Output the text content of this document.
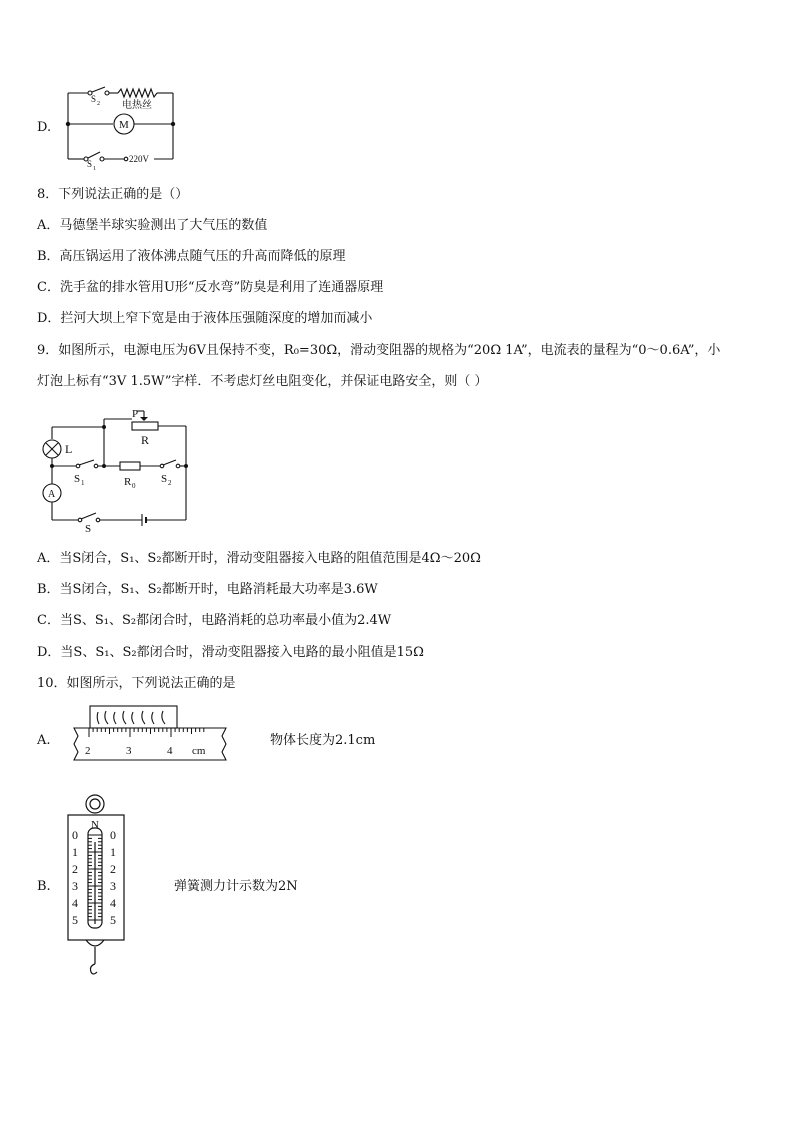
D.
S 2 电热丝
M
S 1
220V
8．下列说法正确的是（）
A．马德堡半球实验测出了大气压的数值
B．高压锅运用了液体沸点随气压的升高而降低的原理
C．洗手盆的排水管用U形“反水弯”防臭是利用了连通器原理
D．拦河大坝上窄下宽是由于液体压强随深度的增加而减小
9．如图所示，电源电压为6V且保持不变，R₀=30Ω，滑动变阻器的规格为“20Ω 1A”，电流表的量程为“0～0.6A”，小
灯泡上标有“3V 1.5W”字样．不考虑灯丝电阻变化，并保证电路安全，则（ ）
P
R
L
S 1	R 0
S 2
A
S
A．当S闭合，S₁、S₂都断开时，滑动变阻器接入电路的阻值范围是4Ω～20Ω
B．当S闭合，S₁、S₂都断开时，电路消耗最大功率是3.6W
C．当S、S₁、S₂都闭合时，电路消耗的总功率最小值为2.4W
D．当S、S₁、S₂都闭合时，滑动变阻器接入电路的最小阻值是15Ω
10．如图所示，下列说法正确的是
A.
2	3	4 cm
物体长度为2.1cm
B.
N
0
1
2
3
4
5
0
1
2
3
4
5
弹簧测力计示数为2N
